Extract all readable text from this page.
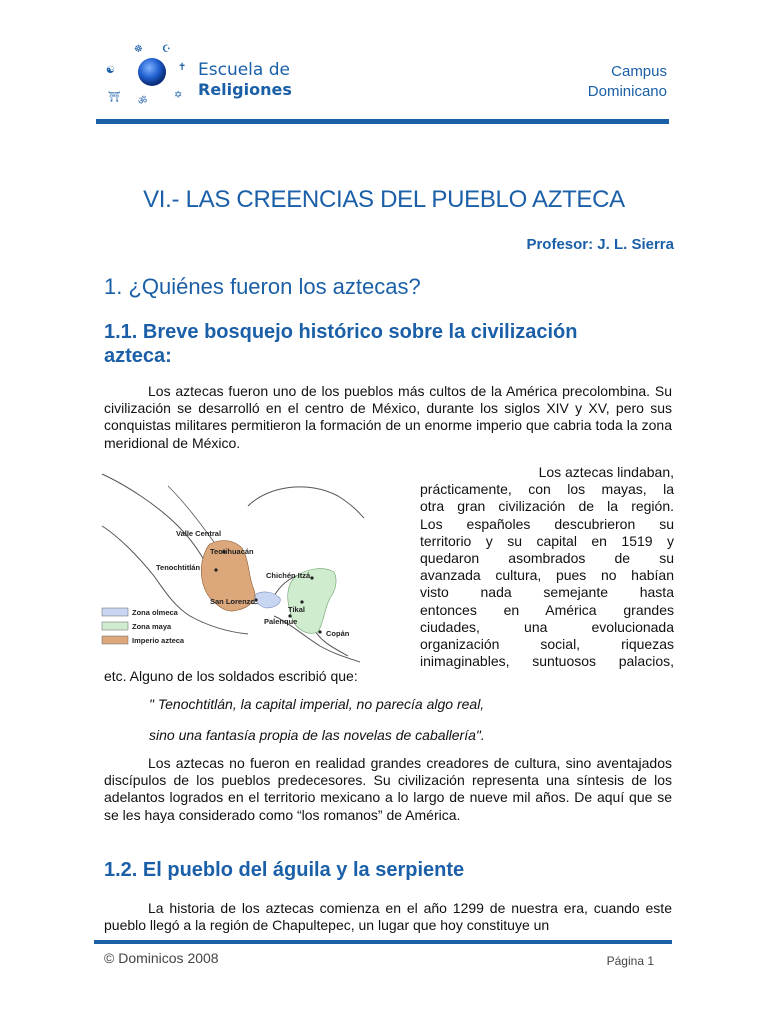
☸ ☪
☯	✝
⛩ ॐ
✡
Escuela de
Religiones
Campus
Dominicano
VI.- LAS CREENCIAS DEL PUEBLO AZTECA
Profesor: J. L. Sierra
1. ¿Quiénes fueron los aztecas?
1.1. Breve bosquejo histórico sobre la civilización
azteca:
Los aztecas fueron uno de los pueblos más cultos de la América precolombina. Su civilización se desarrolló en el centro de México, durante los siglos XIV y XV, pero sus conquistas militares permitieron la formación de un enorme imperio que cabria toda la zona meridional de México.
Valle Central
Teotihuacán
Tenochtitlán
Chichén Itzá
San Lorenzo
Tikal
Palenque
Copán
Zona olmeca
Zona maya
Imperio azteca
Los aztecas lindaban,
prácticamente, con los mayas, la
otra gran civilización de la región.
Los españoles descubrieron su
territorio y su capital en 1519 y
quedaron asombrados de su
avanzada cultura, pues no habían
visto nada semejante hasta
entonces en América grandes
ciudades, una evolucionada
organización social, riquezas
inimaginables, suntuosos palacios,
etc. Alguno de los soldados escribió que:
" Tenochtitlán, la capital imperial, no parecía algo real,
sino una fantasía propia de las novelas de caballería".
Los aztecas no fueron en realidad grandes creadores de cultura, sino aventajados discípulos de los pueblos predecesores. Su civilización representa una síntesis de los adelantos logrados en el territorio mexicano a lo largo de nueve mil años. De aquí que se se les haya considerado como “los romanos” de América.
1.2. El pueblo del águila y la serpiente
La historia de los aztecas comienza en el año 1299 de nuestra era, cuando este pueblo llegó a la región de Chapultepec, un lugar que hoy constituye un
© Dominicos 2008	Página 1
